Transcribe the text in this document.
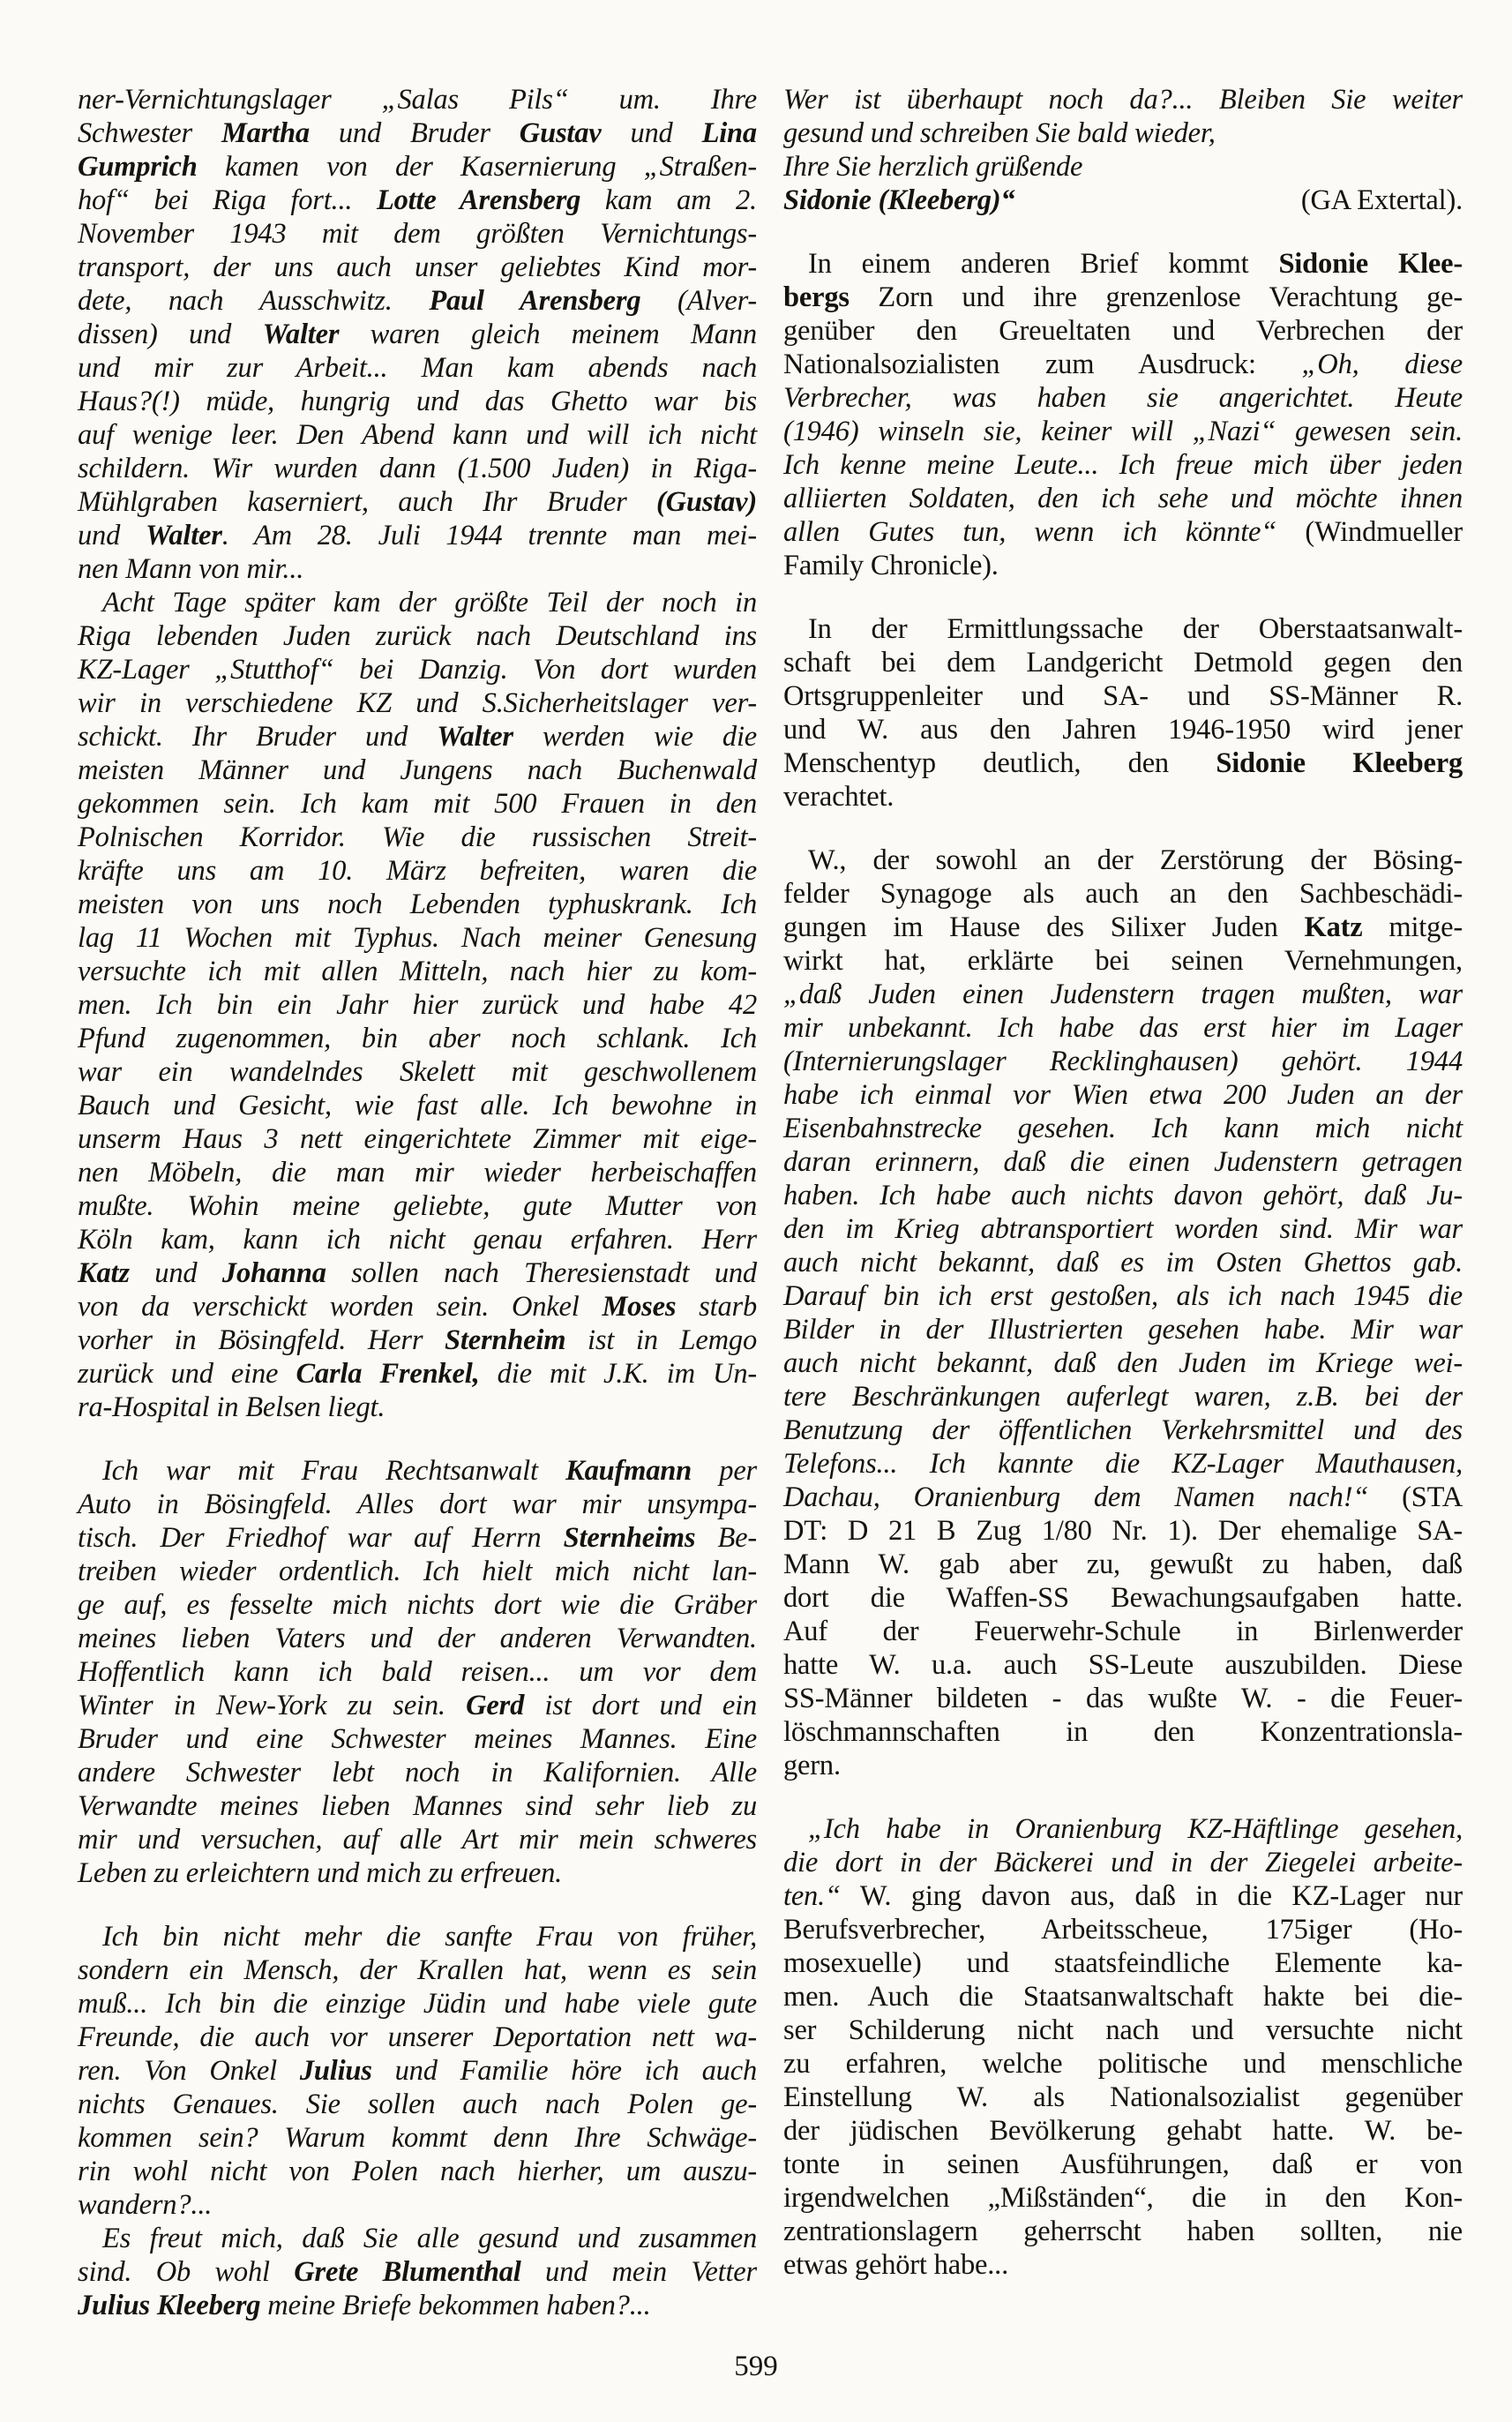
ner-Vernichtungslager „Salas Pils“ um. Ihre
Schwester Martha und Bruder Gustav und Lina
Gumprich kamen von der Kasernierung „Straßen-
hof“ bei Riga fort... Lotte Arensberg kam am 2.
November 1943 mit dem größten Vernichtungs-
transport, der uns auch unser geliebtes Kind mor-
dete, nach Ausschwitz. Paul Arensberg (Alver-
dissen) und Walter waren gleich meinem Mann
und mir zur Arbeit... Man kam abends nach
Haus?(!) müde, hungrig und das Ghetto war bis
auf wenige leer. Den Abend kann und will ich nicht
schildern. Wir wurden dann (1.500 Juden) in Riga-
Mühlgraben kaserniert, auch Ihr Bruder (Gustav)
und Walter. Am 28. Juli 1944 trennte man mei-
nen Mann von mir...
Acht Tage später kam der größte Teil der noch in
Riga lebenden Juden zurück nach Deutschland ins
KZ-Lager „Stutthof“ bei Danzig. Von dort wurden
wir in verschiedene KZ und S.Sicherheitslager ver-
schickt. Ihr Bruder und Walter werden wie die
meisten Männer und Jungens nach Buchenwald
gekommen sein. Ich kam mit 500 Frauen in den
Polnischen Korridor. Wie die russischen Streit-
kräfte uns am 10. März befreiten, waren die
meisten von uns noch Lebenden typhuskrank. Ich
lag 11 Wochen mit Typhus. Nach meiner Genesung
versuchte ich mit allen Mitteln, nach hier zu kom-
men. Ich bin ein Jahr hier zurück und habe 42
Pfund zugenommen, bin aber noch schlank. Ich
war ein wandelndes Skelett mit geschwollenem
Bauch und Gesicht, wie fast alle. Ich bewohne in
unserm Haus 3 nett eingerichtete Zimmer mit eige-
nen Möbeln, die man mir wieder herbeischaffen
mußte. Wohin meine geliebte, gute Mutter von
Köln kam, kann ich nicht genau erfahren. Herr
Katz und Johanna sollen nach Theresienstadt und
von da verschickt worden sein. Onkel Moses starb
vorher in Bösingfeld. Herr Sternheim ist in Lemgo
zurück und eine Carla Frenkel, die mit J.K. im Un-
ra-Hospital in Belsen liegt.
Ich war mit Frau Rechtsanwalt Kaufmann per
Auto in Bösingfeld. Alles dort war mir unsympa-
tisch. Der Friedhof war auf Herrn Sternheims Be-
treiben wieder ordentlich. Ich hielt mich nicht lan-
ge auf, es fesselte mich nichts dort wie die Gräber
meines lieben Vaters und der anderen Verwandten.
Hoffentlich kann ich bald reisen... um vor dem
Winter in New-York zu sein. Gerd ist dort und ein
Bruder und eine Schwester meines Mannes. Eine
andere Schwester lebt noch in Kalifornien. Alle
Verwandte meines lieben Mannes sind sehr lieb zu
mir und versuchen, auf alle Art mir mein schweres
Leben zu erleichtern und mich zu erfreuen.
Ich bin nicht mehr die sanfte Frau von früher,
sondern ein Mensch, der Krallen hat, wenn es sein
muß... Ich bin die einzige Jüdin und habe viele gute
Freunde, die auch vor unserer Deportation nett wa-
ren. Von Onkel Julius und Familie höre ich auch
nichts Genaues. Sie sollen auch nach Polen ge-
kommen sein? Warum kommt denn Ihre Schwäge-
rin wohl nicht von Polen nach hierher, um auszu-
wandern?...
Es freut mich, daß Sie alle gesund und zusammen
sind. Ob wohl Grete Blumenthal und mein Vetter
Julius Kleeberg meine Briefe bekommen haben?...
Wer ist überhaupt noch da?... Bleiben Sie weiter
gesund und schreiben Sie bald wieder,
Ihre Sie herzlich grüßende
Sidonie (Kleeberg)“	(GA Extertal).
In einem anderen Brief kommt Sidonie Klee-
bergs Zorn und ihre grenzenlose Verachtung ge-
genüber den Greueltaten und Verbrechen der
Nationalsozialisten zum Ausdruck: „Oh, diese
Verbrecher, was haben sie angerichtet. Heute
(1946) winseln sie, keiner will „Nazi“ gewesen sein.
Ich kenne meine Leute... Ich freue mich über jeden
alliierten Soldaten, den ich sehe und möchte ihnen
allen Gutes tun, wenn ich könnte“ (Windmueller
Family Chronicle).
In der Ermittlungssache der Oberstaatsanwalt-
schaft bei dem Landgericht Detmold gegen den
Ortsgruppenleiter und SA- und SS-Männer R.
und W. aus den Jahren 1946-1950 wird jener
Menschentyp deutlich, den Sidonie Kleeberg
verachtet.
W., der sowohl an der Zerstörung der Bösing-
felder Synagoge als auch an den Sachbeschädi-
gungen im Hause des Silixer Juden Katz mitge-
wirkt hat, erklärte bei seinen Vernehmungen,
„daß Juden einen Judenstern tragen mußten, war
mir unbekannt. Ich habe das erst hier im Lager
(Internierungslager Recklinghausen) gehört. 1944
habe ich einmal vor Wien etwa 200 Juden an der
Eisenbahnstrecke gesehen. Ich kann mich nicht
daran erinnern, daß die einen Judenstern getragen
haben. Ich habe auch nichts davon gehört, daß Ju-
den im Krieg abtransportiert worden sind. Mir war
auch nicht bekannt, daß es im Osten Ghettos gab.
Darauf bin ich erst gestoßen, als ich nach 1945 die
Bilder in der Illustrierten gesehen habe. Mir war
auch nicht bekannt, daß den Juden im Kriege wei-
tere Beschränkungen auferlegt waren, z.B. bei der
Benutzung der öffentlichen Verkehrsmittel und des
Telefons... Ich kannte die KZ-Lager Mauthausen,
Dachau, Oranienburg dem Namen nach!“ (STA
DT: D 21 B Zug 1/80 Nr. 1). Der ehemalige SA-
Mann W. gab aber zu, gewußt zu haben, daß
dort die Waffen-SS Bewachungsaufgaben hatte.
Auf der Feuerwehr-Schule in Birlenwerder
hatte W. u.a. auch SS-Leute auszubilden. Diese
SS-Männer bildeten - das wußte W. - die Feuer-
löschmannschaften in den Konzentrationsla-
gern.
„Ich habe in Oranienburg KZ-Häftlinge gesehen,
die dort in der Bäckerei und in der Ziegelei arbeite-
ten.“ W. ging davon aus, daß in die KZ-Lager nur
Berufsverbrecher, Arbeitsscheue, 175iger (Ho-
mosexuelle) und staatsfeindliche Elemente ka-
men. Auch die Staatsanwaltschaft hakte bei die-
ser Schilderung nicht nach und versuchte nicht
zu erfahren, welche politische und menschliche
Einstellung W. als Nationalsozialist gegenüber
der jüdischen Bevölkerung gehabt hatte. W. be-
tonte in seinen Ausführungen, daß er von
irgendwelchen „Mißständen“, die in den Kon-
zentrationslagern geherrscht haben sollten, nie
etwas gehört habe...
599
